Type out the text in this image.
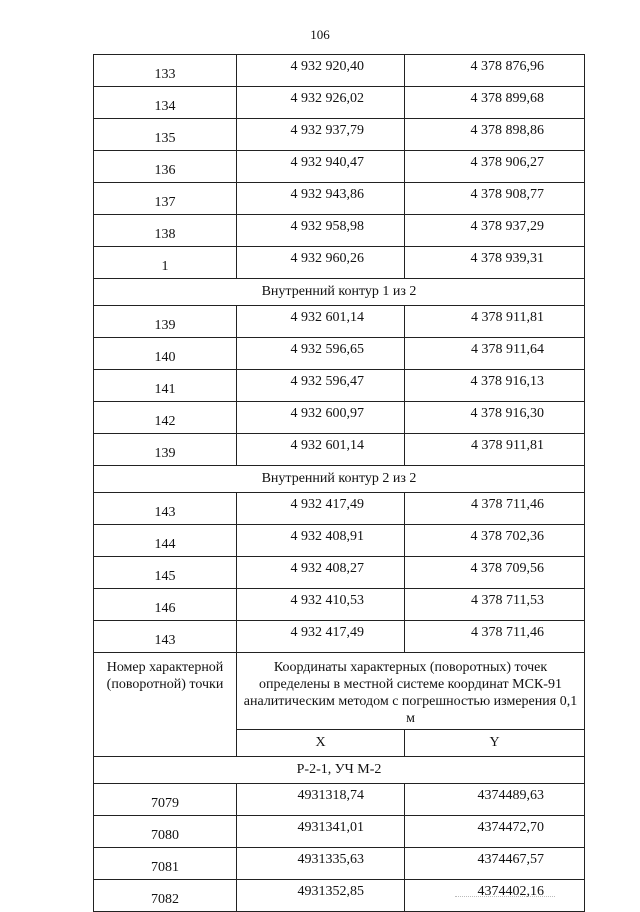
106
133	4 932 920,40	4 378 876,96
134	4 932 926,02	4 378 899,68
135	4 932 937,79	4 378 898,86
136	4 932 940,47	4 378 906,27
137	4 932 943,86	4 378 908,77
138	4 932 958,98	4 378 937,29
1	4 932 960,26	4 378 939,31
Внутренний контур 1 из 2		
139	4 932 601,14	4 378 911,81
140	4 932 596,65	4 378 911,64
141	4 932 596,47	4 378 916,13
142	4 932 600,97	4 378 916,30
139	4 932 601,14	4 378 911,81
Внутренний контур 2 из 2		
143	4 932 417,49	4 378 711,46
144	4 932 408,91	4 378 702,36
145	4 932 408,27	4 378 709,56
146	4 932 410,53	4 378 711,53
143	4 932 417,49	4 378 711,46
Номер характерной (поворотной) точки	Координаты характерных (поворотных) точек определены в местной системе координат МСК-91 аналитическим методом с погрешностью измерения 0,1 м	
	X	Y
Р-2-1, УЧ М-2		
7079	4931318,74	4374489,63
7080	4931341,01	4374472,70
7081	4931335,63	4374467,57
7082	4931352,85	4374402,16
